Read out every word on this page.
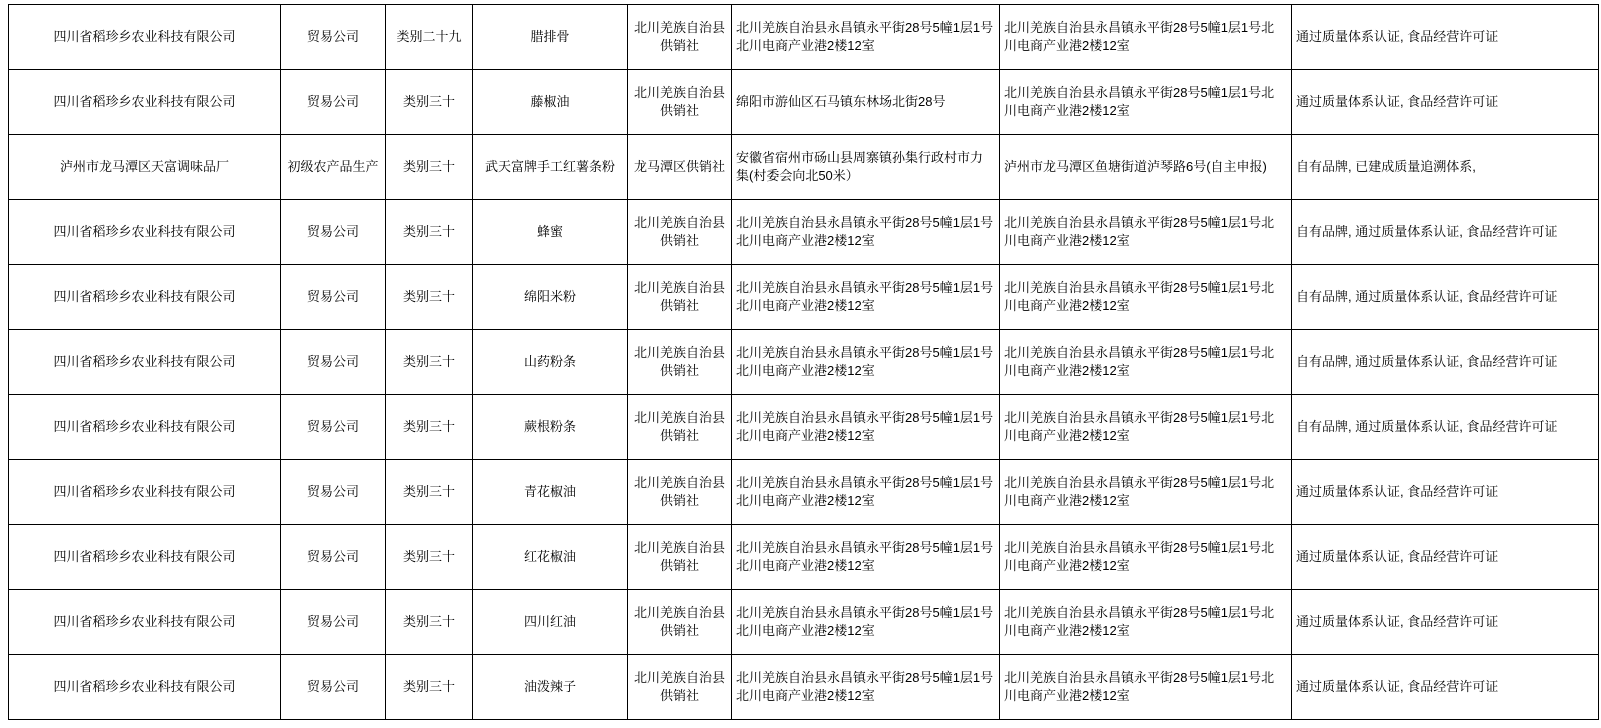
四川省稻珍乡农业科技有限公司	贸易公司	类别二十九	腊排骨	北川羌族自治县供销社	北川羌族自治县永昌镇永平街28号5幢1层1号北川电商产业港2楼12室	北川羌族自治县永昌镇永平街28号5幢1层1号北川电商产业港2楼12室	通过质量体系认证, 食品经营许可证
四川省稻珍乡农业科技有限公司	贸易公司	类别三十	藤椒油	北川羌族自治县供销社	绵阳市游仙区石马镇东林场北街28号	北川羌族自治县永昌镇永平街28号5幢1层1号北川电商产业港2楼12室	通过质量体系认证, 食品经营许可证
泸州市龙马潭区天富调味品厂	初级农产品生产	类别三十	武天富牌手工红薯条粉	龙马潭区供销社	安徽省宿州市砀山县周寨镇孙集行政村市力集(村委会向北50米）	泸州市龙马潭区鱼塘街道泸琴路6号(自主申报)	自有品牌, 已建成质量追溯体系,
四川省稻珍乡农业科技有限公司	贸易公司	类别三十	蜂蜜	北川羌族自治县供销社	北川羌族自治县永昌镇永平街28号5幢1层1号北川电商产业港2楼12室	北川羌族自治县永昌镇永平街28号5幢1层1号北川电商产业港2楼12室	自有品牌, 通过质量体系认证, 食品经营许可证
四川省稻珍乡农业科技有限公司	贸易公司	类别三十	绵阳米粉	北川羌族自治县供销社	北川羌族自治县永昌镇永平街28号5幢1层1号北川电商产业港2楼12室	北川羌族自治县永昌镇永平街28号5幢1层1号北川电商产业港2楼12室	自有品牌, 通过质量体系认证, 食品经营许可证
四川省稻珍乡农业科技有限公司	贸易公司	类别三十	山药粉条	北川羌族自治县供销社	北川羌族自治县永昌镇永平街28号5幢1层1号北川电商产业港2楼12室	北川羌族自治县永昌镇永平街28号5幢1层1号北川电商产业港2楼12室	自有品牌, 通过质量体系认证, 食品经营许可证
四川省稻珍乡农业科技有限公司	贸易公司	类别三十	蕨根粉条	北川羌族自治县供销社	北川羌族自治县永昌镇永平街28号5幢1层1号北川电商产业港2楼12室	北川羌族自治县永昌镇永平街28号5幢1层1号北川电商产业港2楼12室	自有品牌, 通过质量体系认证, 食品经营许可证
四川省稻珍乡农业科技有限公司	贸易公司	类别三十	青花椒油	北川羌族自治县供销社	北川羌族自治县永昌镇永平街28号5幢1层1号北川电商产业港2楼12室	北川羌族自治县永昌镇永平街28号5幢1层1号北川电商产业港2楼12室	通过质量体系认证, 食品经营许可证
四川省稻珍乡农业科技有限公司	贸易公司	类别三十	红花椒油	北川羌族自治县供销社	北川羌族自治县永昌镇永平街28号5幢1层1号北川电商产业港2楼12室	北川羌族自治县永昌镇永平街28号5幢1层1号北川电商产业港2楼12室	通过质量体系认证, 食品经营许可证
四川省稻珍乡农业科技有限公司	贸易公司	类别三十	四川红油	北川羌族自治县供销社	北川羌族自治县永昌镇永平街28号5幢1层1号北川电商产业港2楼12室	北川羌族自治县永昌镇永平街28号5幢1层1号北川电商产业港2楼12室	通过质量体系认证, 食品经营许可证
四川省稻珍乡农业科技有限公司	贸易公司	类别三十	油泼辣子	北川羌族自治县供销社	北川羌族自治县永昌镇永平街28号5幢1层1号北川电商产业港2楼12室	北川羌族自治县永昌镇永平街28号5幢1层1号北川电商产业港2楼12室	通过质量体系认证, 食品经营许可证
